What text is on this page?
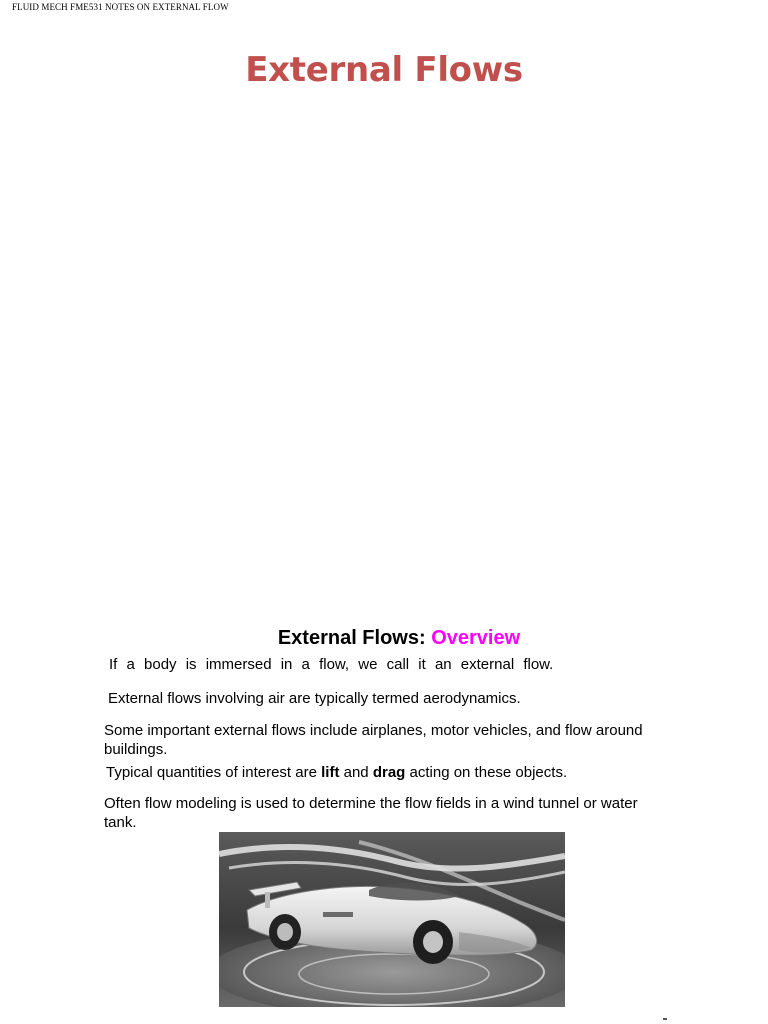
FLUID MECH FME531 NOTES ON EXTERNAL FLOW
External Flows
External Flows: Overview
If a body is immersed in a flow, we call it an external flow.
External flows involving air are typically termed aerodynamics.
Some important external flows include airplanes, motor vehicles, and flow around buildings.
Typical quantities of interest are lift and drag acting on these objects.
Often flow modeling is used to determine the flow fields in a wind tunnel or water tank.
